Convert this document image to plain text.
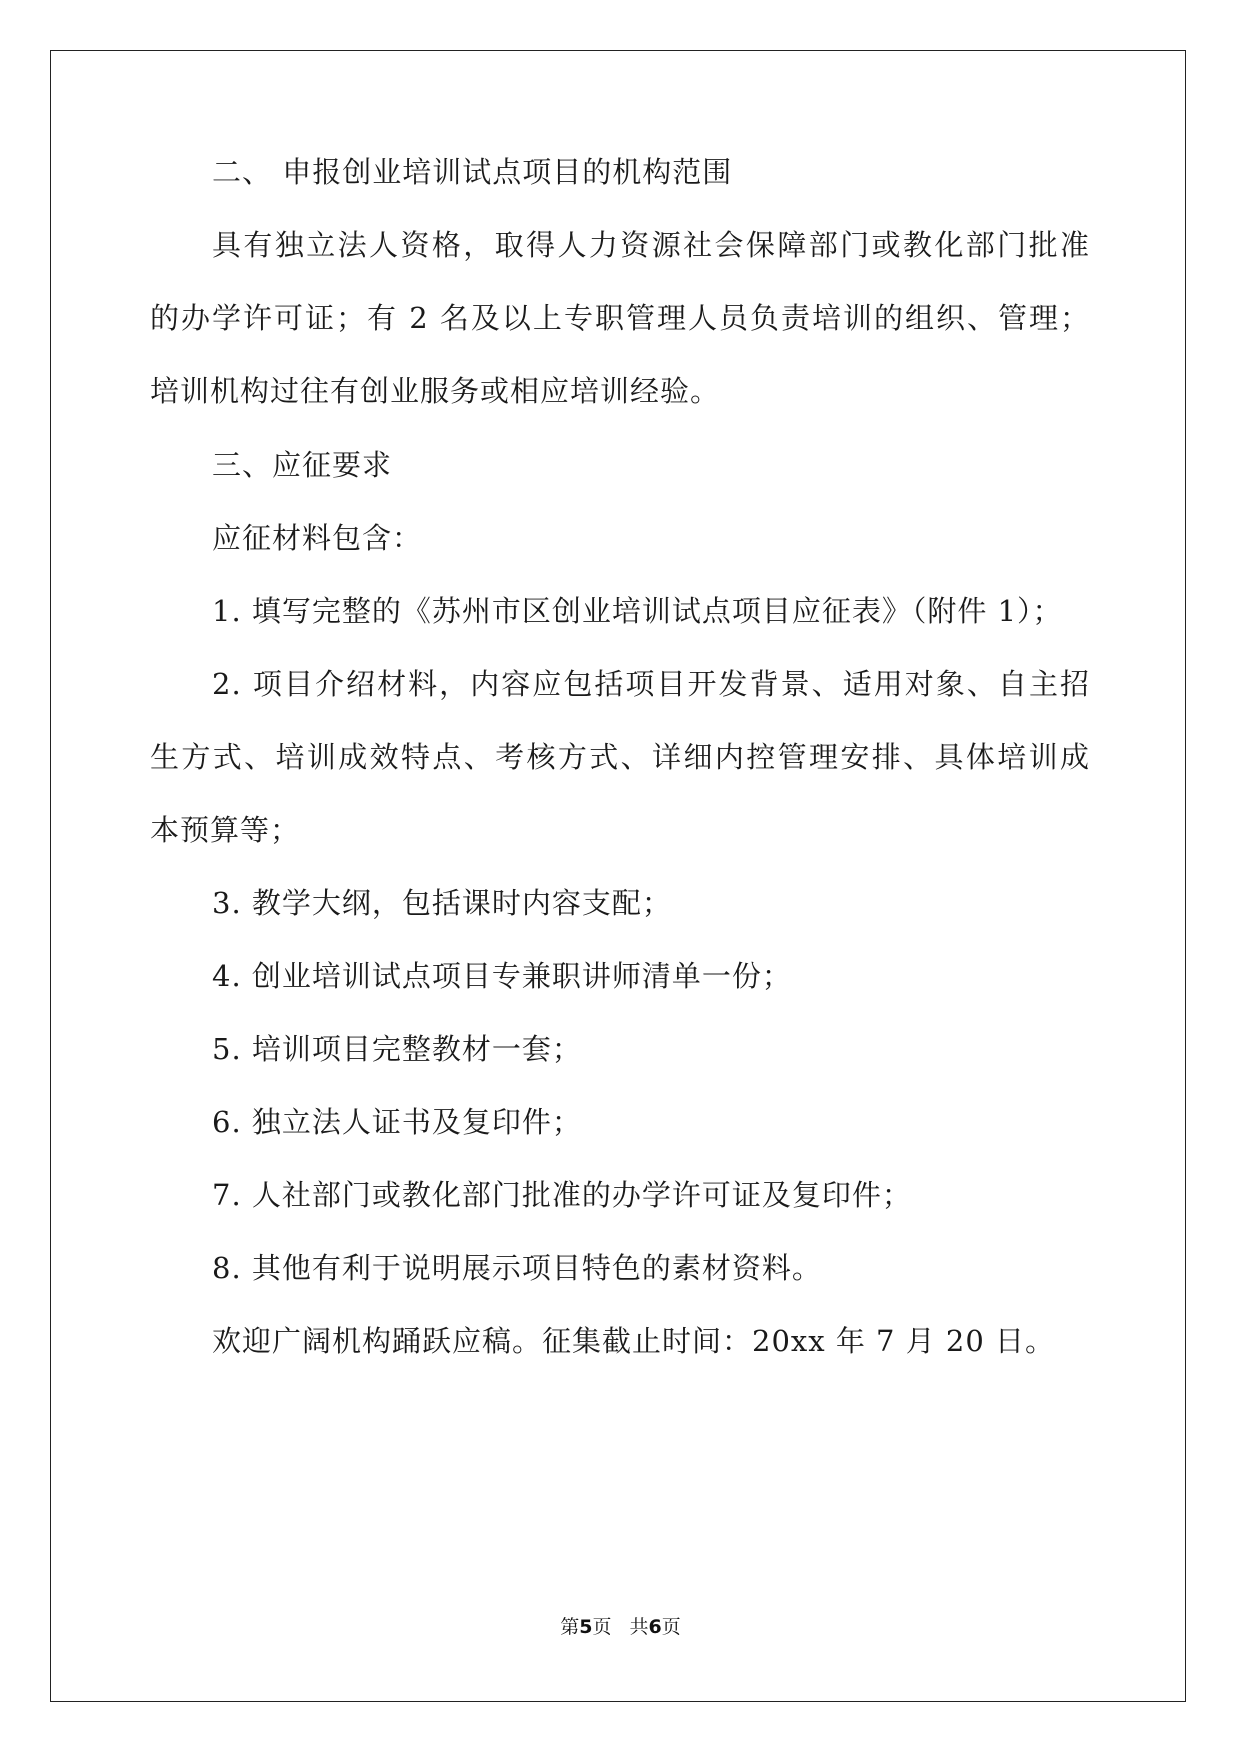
二、 申报创业培训试点项目的机构范围
具有独立法人资格，取得人力资源社会保障部门或教化部门批准
的办学许可证；有 2 名及以上专职管理人员负责培训的组织、管理；
培训机构过往有创业服务或相应培训经验。
三、应征要求
应征材料包含：
1. 填写完整的《苏州市区创业培训试点项目应征表》（附件 1）；
2. 项目介绍材料，内容应包括项目开发背景、适用对象、自主招
生方式、培训成效特点、考核方式、详细内控管理安排、具体培训成
本预算等；
3. 教学大纲，包括课时内容支配；
4. 创业培训试点项目专兼职讲师清单一份；
5. 培训项目完整教材一套；
6. 独立法人证书及复印件；
7. 人社部门或教化部门批准的办学许可证及复印件；
8. 其他有利于说明展示项目特色的素材资料。
欢迎广阔机构踊跃应稿。征集截止时间：20xx 年 7 月 20 日。
第5页 共6页
